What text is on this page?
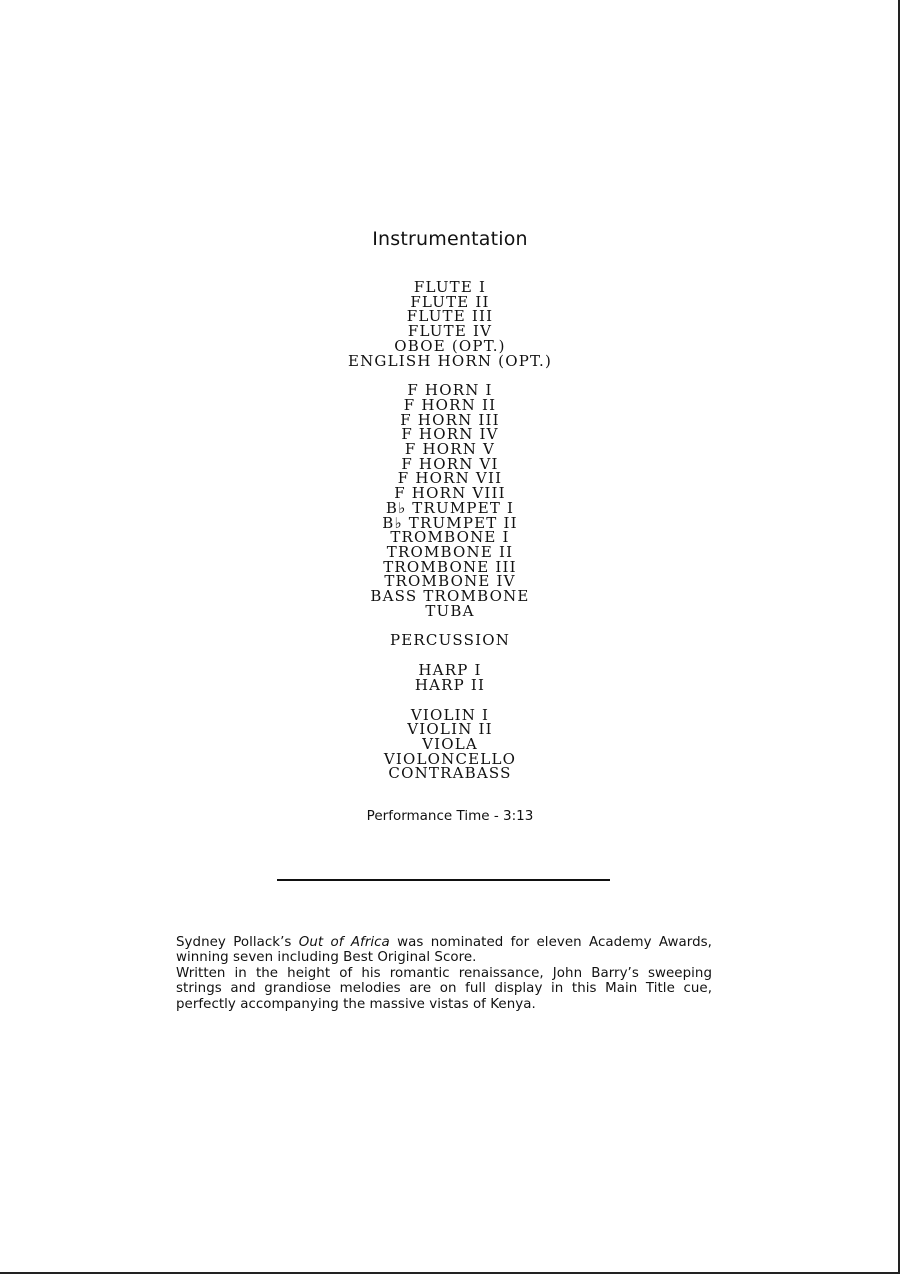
Instrumentation
FLUTE I
FLUTE II
FLUTE III
FLUTE IV
OBOE (OPT.)
ENGLISH HORN (OPT.)
F HORN I
F HORN II
F HORN III
F HORN IV
F HORN V
F HORN VI
F HORN VII
F HORN VIII
B♭ TRUMPET I
B♭ TRUMPET II
TROMBONE I
TROMBONE II
TROMBONE III
TROMBONE IV
BASS TROMBONE
TUBA
PERCUSSION
HARP I
HARP II
VIOLIN I
VIOLIN II
VIOLA
VIOLONCELLO
CONTRABASS
Performance Time - 3:13

Sydney Pollack’s Out of Africa was nominated for eleven Academy Awards, winning seven including Best Original Score.

Written in the height of his romantic renaissance, John Barry’s sweeping strings and grandiose melodies are on full display in this Main Title cue, perfectly accompanying the massive vistas of Kenya.
